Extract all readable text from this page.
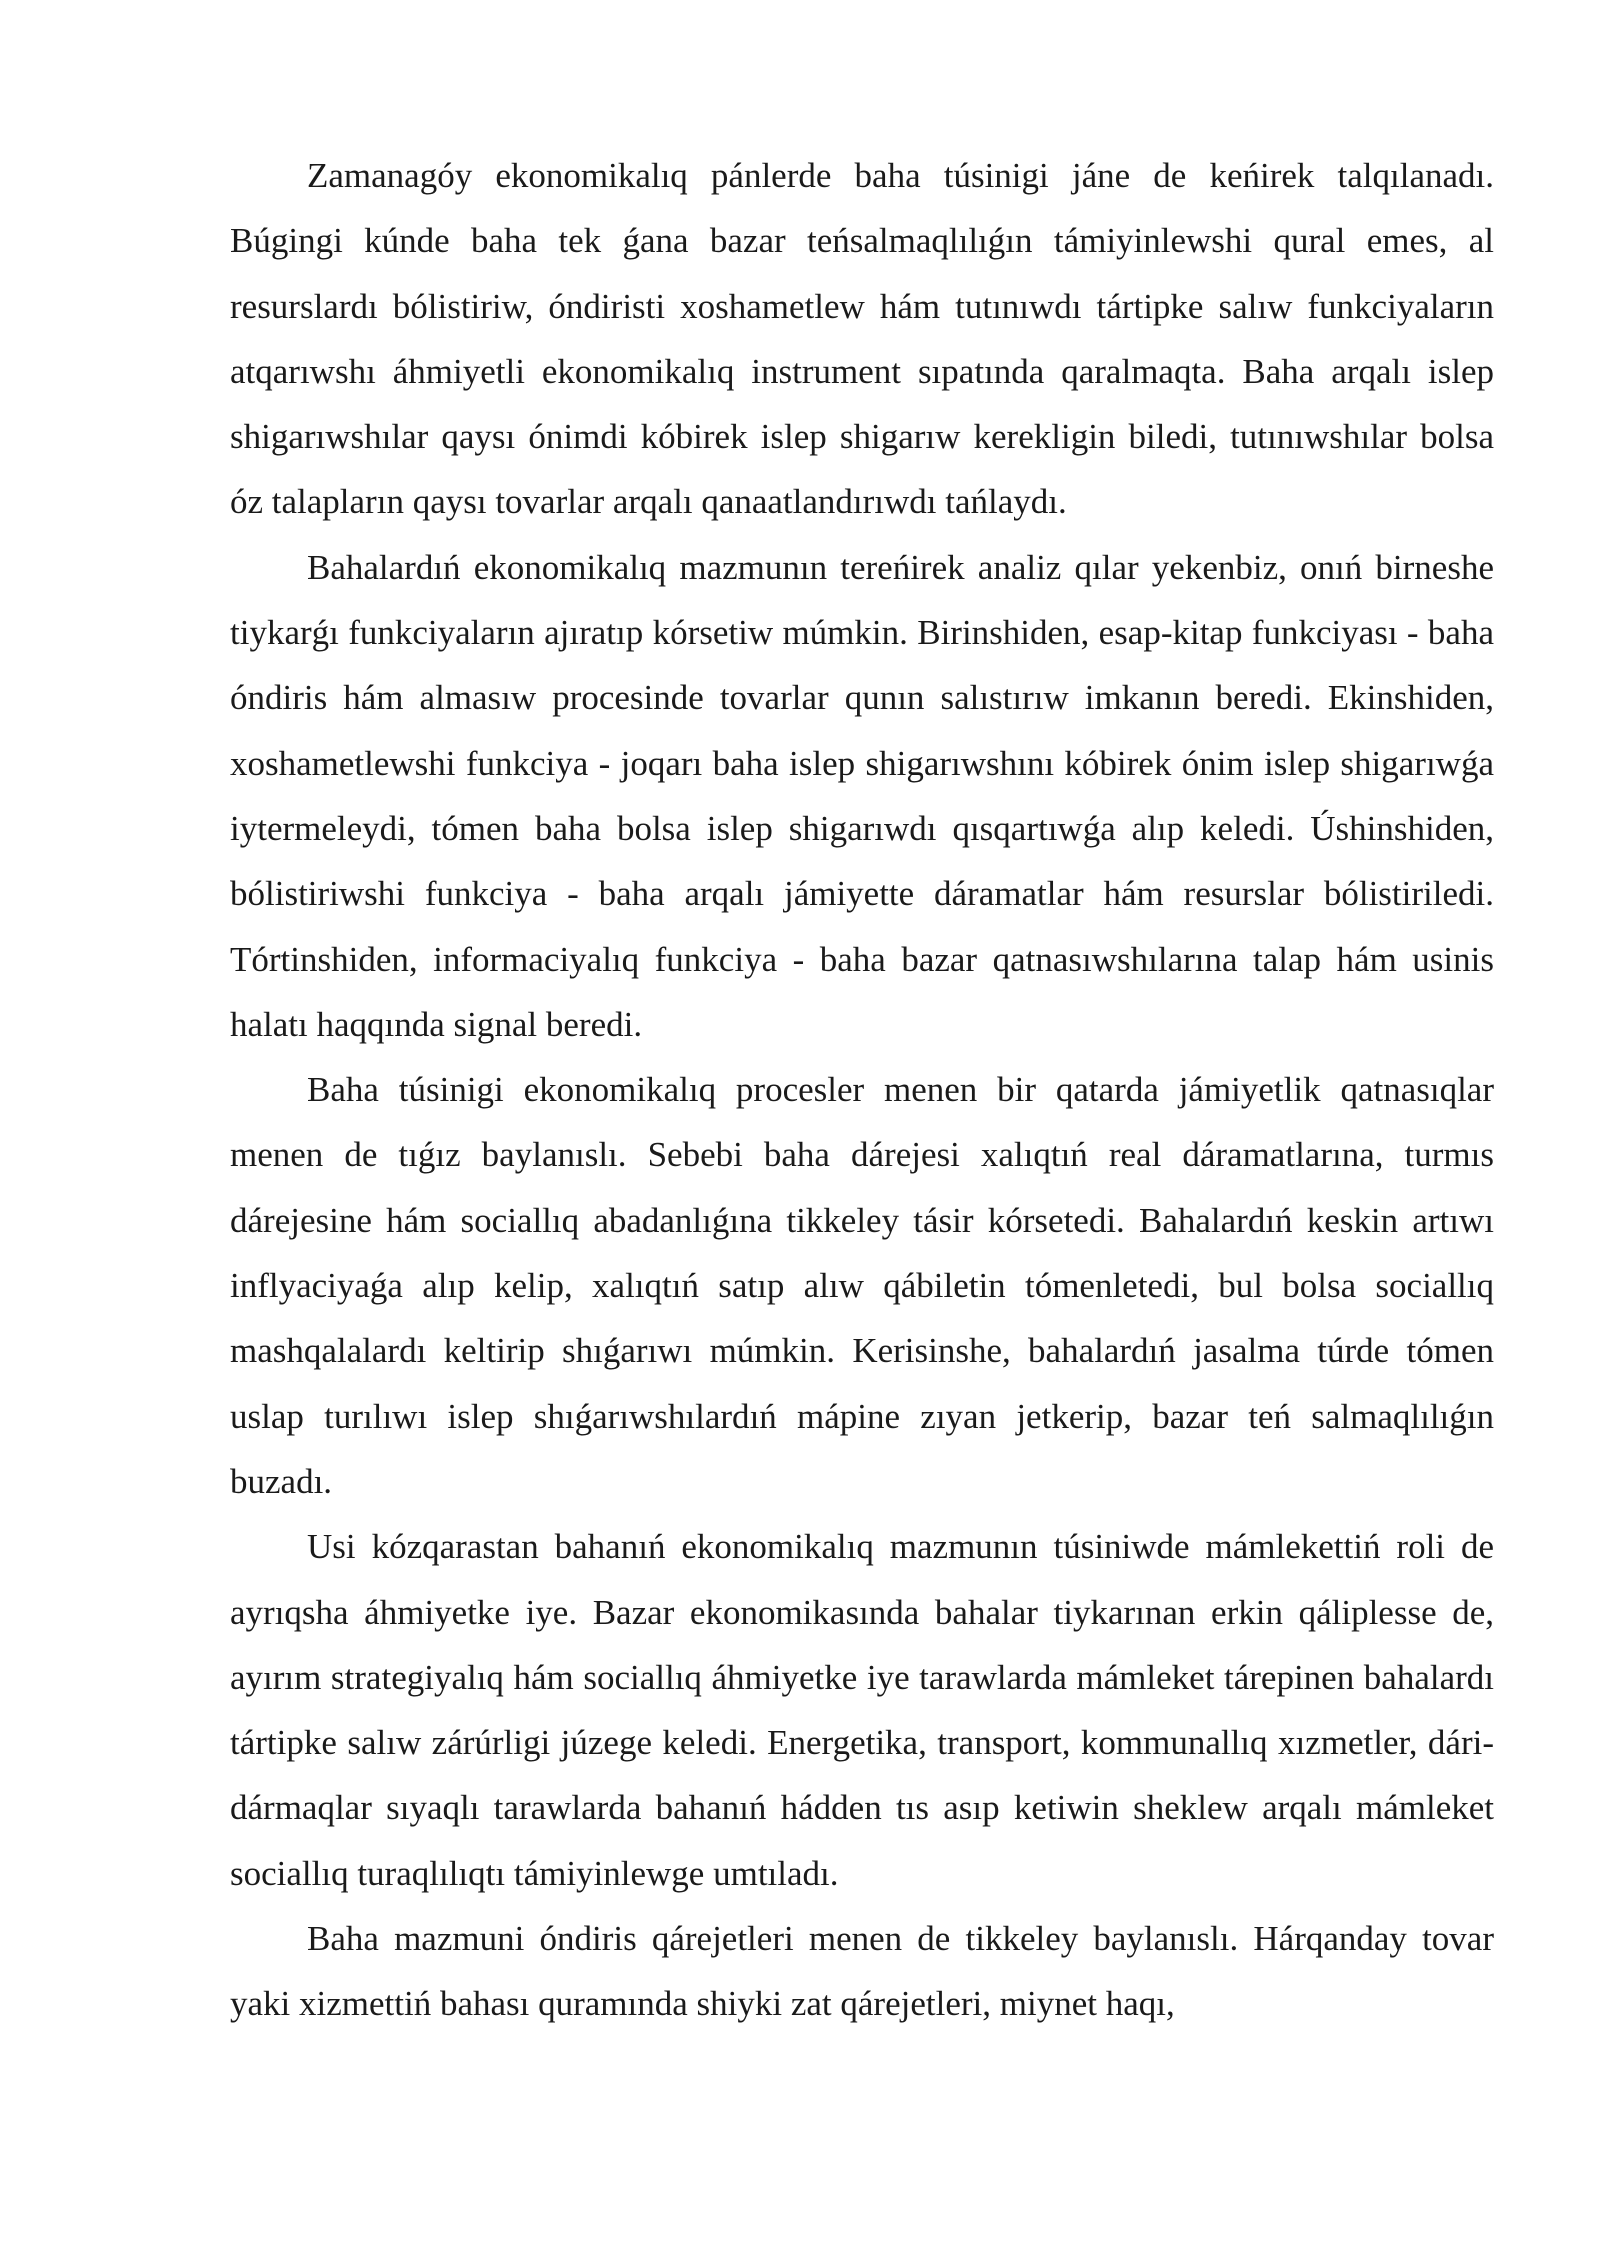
Zamanagóy ekonomikalıq pánlerde baha túsinigi jáne de keńirek talqılanadı. Búgingi kúnde baha tek ǵana bazar teńsalmaqlılıǵın támiyinlewshi qural emes, al resurslardı bólistiriw, óndiristi xoshametlew hám tutınıwdı tártipke salıw funkciyaların atqarıwshı áhmiyetli ekonomikalıq instrument sıpatında qaralmaqta. Baha arqalı islep shigarıwshılar qaysı ónimdi kóbirek islep shigarıw kerekligin biledi, tutınıwshılar bolsa óz talapların qaysı tovarlar arqalı qanaatlandırıwdı tańlaydı.

Bahalardıń ekonomikalıq mazmunın tereńirek analiz qılar yekenbiz, onıń birneshe tiykarǵı funkciyaların ajıratıp kórsetiw múmkin. Birinshiden, esap-kitap funkciyası - baha óndiris hám almasıw procesinde tovarlar qunın salıstırıw imkanın beredi. Ekinshiden, xoshametlewshi funkciya - joqarı baha islep shigarıwshını kóbirek ónim islep shigarıwǵa iytermeleydi, tómen baha bolsa islep shigarıwdı qısqartıwǵa alıp keledi. Úshinshiden, bólistiriwshi funkciya - baha arqalı jámiyette dáramatlar hám resurslar bólistiriledi. Tórtinshiden, informaciyalıq funkciya - baha bazar qatnasıwshılarına talap hám usinis halatı haqqında signal beredi.

Baha túsinigi ekonomikalıq procesler menen bir qatarda jámiyetlik qatnasıqlar menen de tıǵız baylanıslı. Sebebi baha dárejesi xalıqtıń real dáramatlarına, turmıs dárejesine hám sociallıq abadanlıǵına tikkeley tásir kórsetedi. Bahalardıń keskin artıwı inflyaciyaǵa alıp kelip, xalıqtıń satıp alıw qábiletin tómenletedi, bul bolsa sociallıq mashqalalardı keltirip shıǵarıwı múmkin. Kerisinshe, bahalardıń jasalma túrde tómen uslap turılıwı islep shıǵarıwshılardıń mápine zıyan jetkerip, bazar teń salmaqlılıǵın buzadı.

Usi kózqarastan bahanıń ekonomikalıq mazmunın túsiniwde mámlekettiń roli de ayrıqsha áhmiyetke iye. Bazar ekonomikasında bahalar tiykarınan erkin qáliplesse de, ayırım strategiyalıq hám sociallıq áhmiyetke iye tarawlarda mámleket tárepinen bahalardı tártipke salıw zárúrligi júzege keledi. Energetika, transport, kommunallıq xızmetler, dári-dármaqlar sıyaqlı tarawlarda bahanıń hádden tıs asıp ketiwin sheklew arqalı mámleket sociallıq turaqlılıqtı támiyinlewge umtıladı.

Baha mazmuni óndiris qárejetleri menen de tikkeley baylanıslı. Hárqanday tovar yaki xizmettiń bahası quramında shiyki zat qárejetleri, miynet haqı,
